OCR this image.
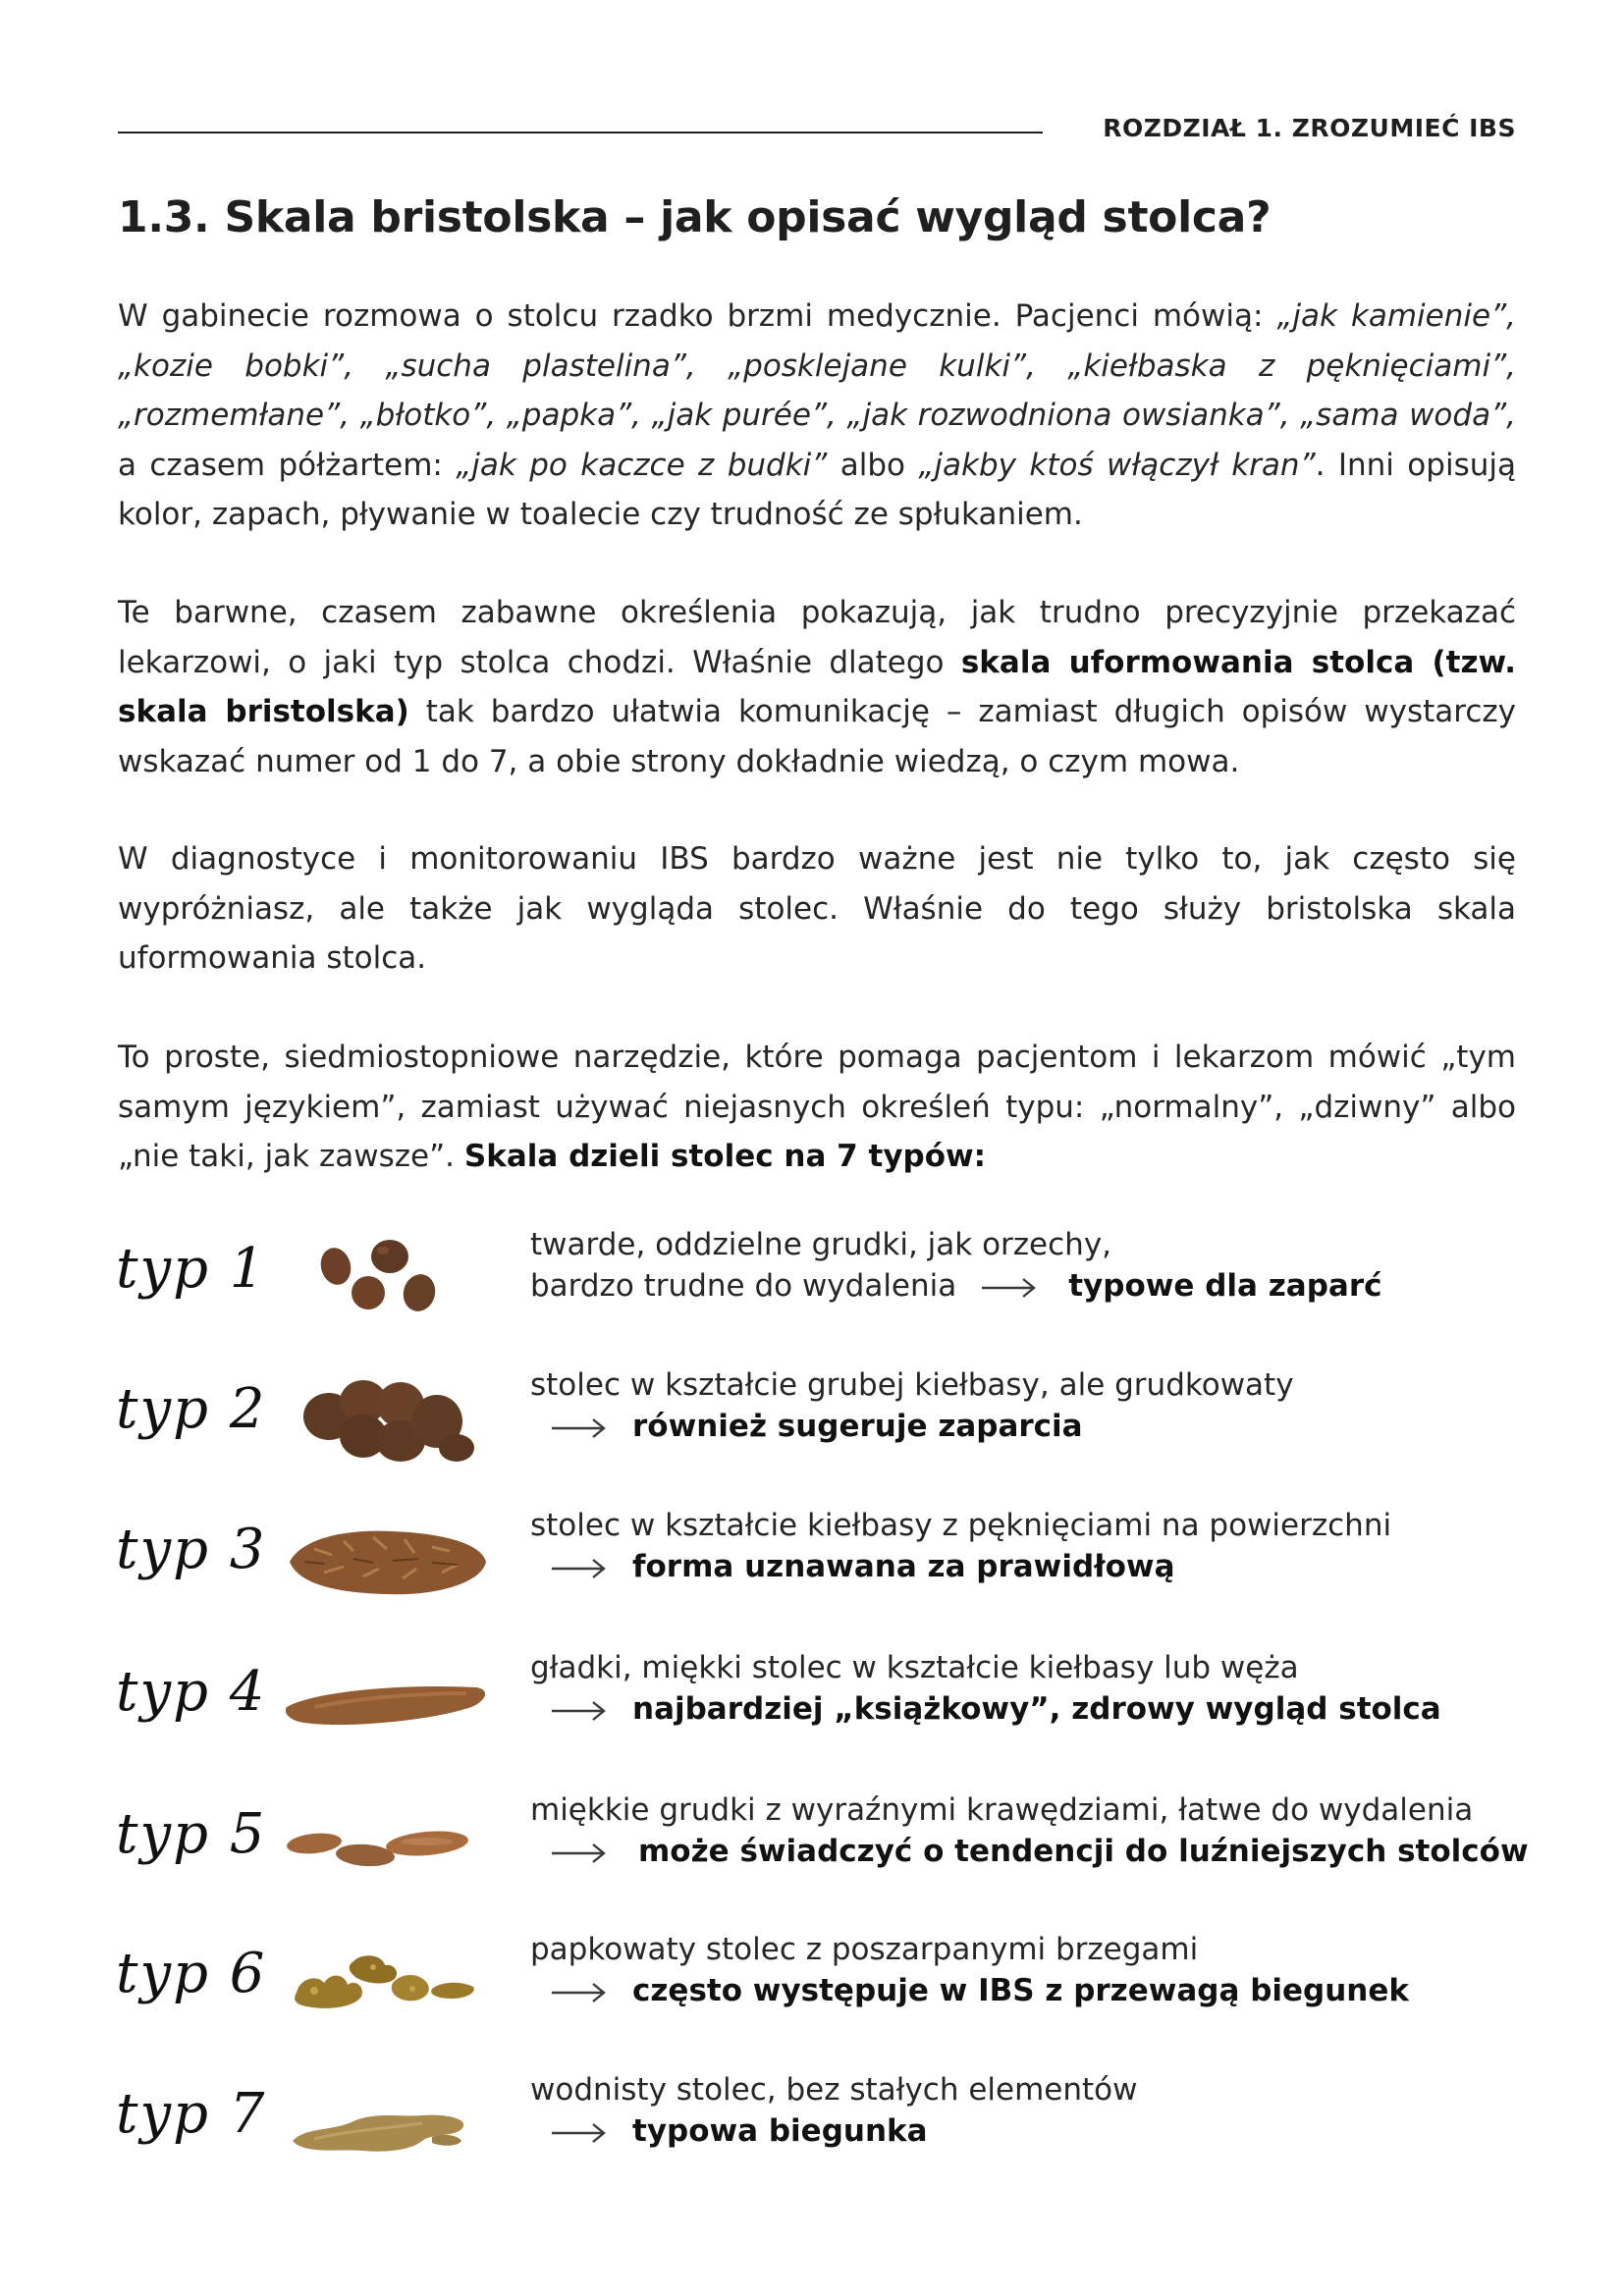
ROZDZIAŁ 1. ZROZUMIEĆ IBS
1.3. Skala bristolska – jak opisać wygląd stolca?

W gabinecie rozmowa o stolcu rzadko brzmi medycznie. Pacjenci mówią: „jak kamienie”, „kozie bobki”, „sucha plastelina”, „posklejane kulki”, „kiełbaska z pęknięciami”, „rozmemłane”, „błotko”, „papka”, „jak purée”, „jak rozwodniona owsianka”, „sama woda”, a czasem półżartem: „jak po kaczce z budki” albo „jakby ktoś włączył kran”. Inni opisują kolor, zapach, pływanie w toalecie czy trudność ze spłukaniem.

Te barwne, czasem zabawne określenia pokazują, jak trudno precyzyjnie przekazać lekarzowi, o jaki typ stolca chodzi. Właśnie dlatego skala uformowania stolca (tzw. skala bristolska) tak bardzo ułatwia komunikację – zamiast długich opisów wystarczy wskazać numer od 1 do 7, a obie strony dokładnie wiedzą, o czym mowa.

W diagnostyce i monitorowaniu IBS bardzo ważne jest nie tylko to, jak często się wypróżniasz, ale także jak wygląda stolec. Właśnie do tego służy bristolska skala uformowania stolca.

To proste, siedmiostopniowe narzędzie, które pomaga pacjentom i lekarzom mówić „tym samym językiem”, zamiast używać niejasnych określeń typu: „normalny”, „dziwny” albo „nie taki, jak zawsze”. Skala dzieli stolec na 7 typów:

typ 1	twarde, oddzielne grudki, jak orzechy,
bardzo trudne do wydalenia	typowe dla zaparć
typ 2	stolec w kształcie grubej kiełbasy, ale grudkowaty
również sugeruje zaparcia
typ 3	stolec w kształcie kiełbasy z pęknięciami na powierzchni
forma uznawana za prawidłową
typ 4	gładki, miękki stolec w kształcie kiełbasy lub węża
najbardziej „książkowy”, zdrowy wygląd stolca
typ 5	miękkie grudki z wyraźnymi krawędziami, łatwe do wydalenia
może świadczyć o tendencji do luźniejszych stolców
typ 6	papkowaty stolec z poszarpanymi brzegami
często występuje w IBS z przewagą biegunek
typ 7	wodnisty stolec, bez stałych elementów
typowa biegunka
